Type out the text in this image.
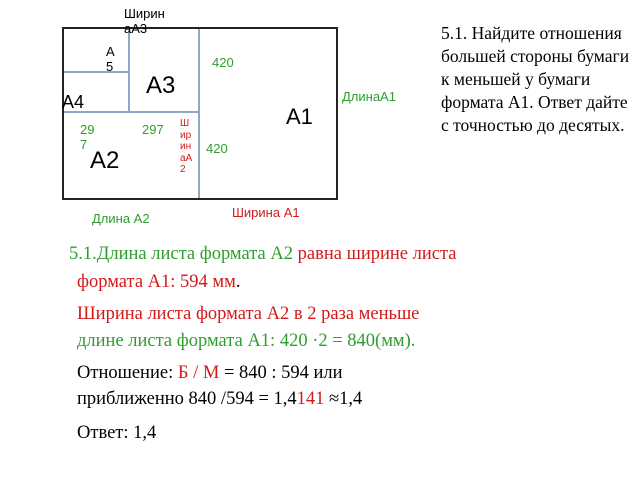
ШиринаА3
А5	420
А3
А4	ДлинаА1
А1
297
297 ШиринаА2
420
А2
Ширина А1
Длина А2
5.1. Найдите отношения большей стороны бумаги к меньшей у бумаги формата А1. Ответ дайте с точностью до десятых.
5.1.Длина листа формата А2 равна ширине листа
формата А1: 594 мм.
Ширина листа формата А2 в 2 раза меньше
длине листа формата А1: 420 ·2 = 840(мм).
Отношение: Б / М = 840 : 594 или
приближенно 840 /594 = 1,4141 ≈1,4
Ответ: 1,4
